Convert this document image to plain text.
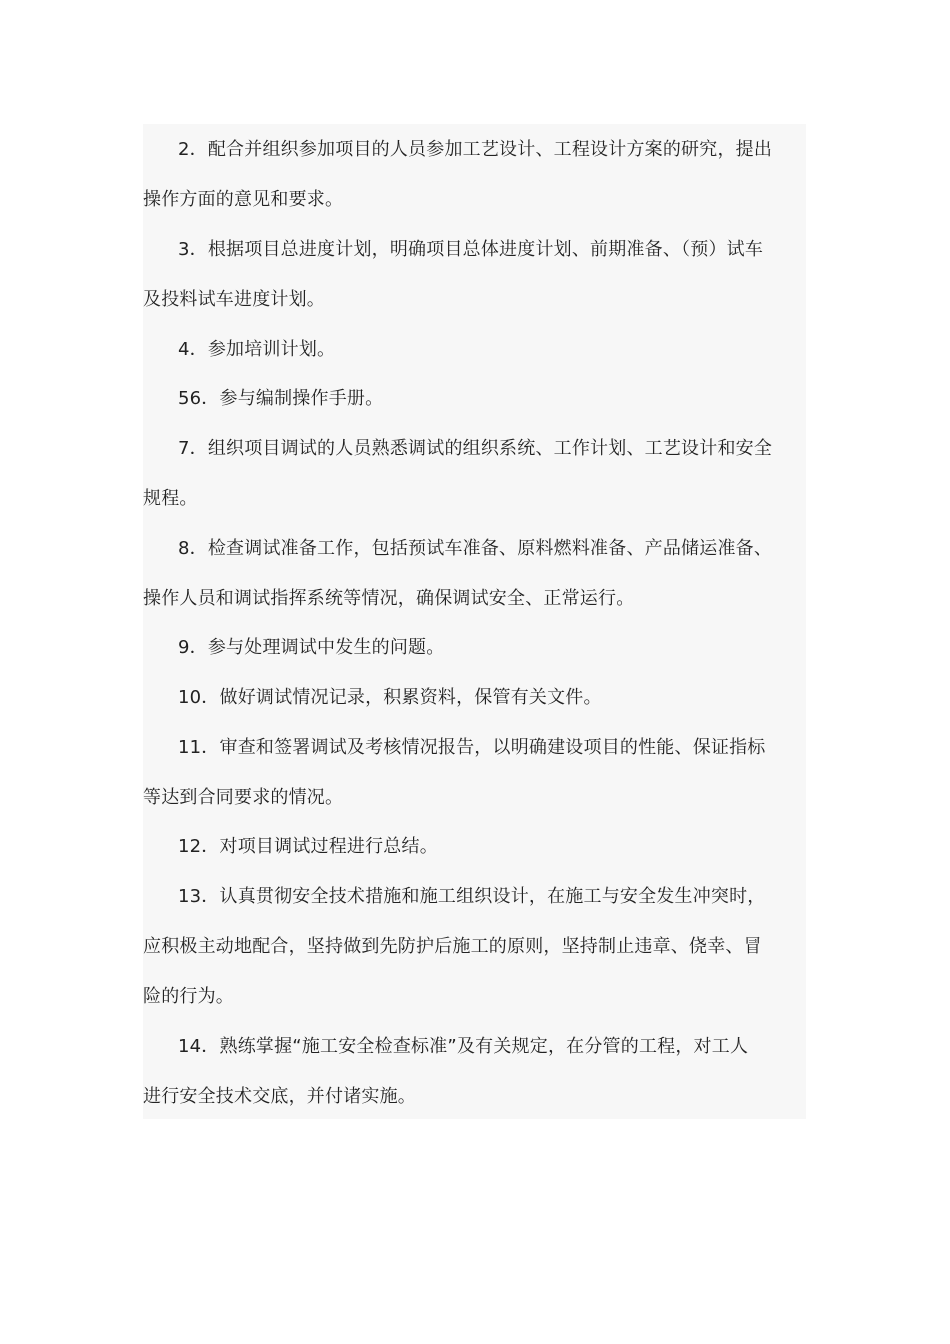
2．配合并组织参加项目的人员参加工艺设计、工程设计方案的研究，提出
操作方面的意见和要求。
3．根据项目总进度计划，明确项目总体进度计划、前期准备、（预）试车
及投料试车进度计划。
4．参加培训计划。
56．参与编制操作手册。
7．组织项目调试的人员熟悉调试的组织系统、工作计划、工艺设计和安全
规程。
8．检查调试准备工作，包括预试车准备、原料燃料准备、产品储运准备、
操作人员和调试指挥系统等情况，确保调试安全、正常运行。
9．参与处理调试中发生的问题。
10．做好调试情况记录，积累资料，保管有关文件。
11．审查和签署调试及考核情况报告，以明确建设项目的性能、保证指标
等达到合同要求的情况。
12．对项目调试过程进行总结。
13．认真贯彻安全技术措施和施工组织设计，在施工与安全发生冲突时，
应积极主动地配合，坚持做到先防护后施工的原则，坚持制止违章、侥幸、冒
险的行为。
14．熟练掌握“施工安全检查标准”及有关规定，在分管的工程，对工人
进行安全技术交底，并付诸实施。
